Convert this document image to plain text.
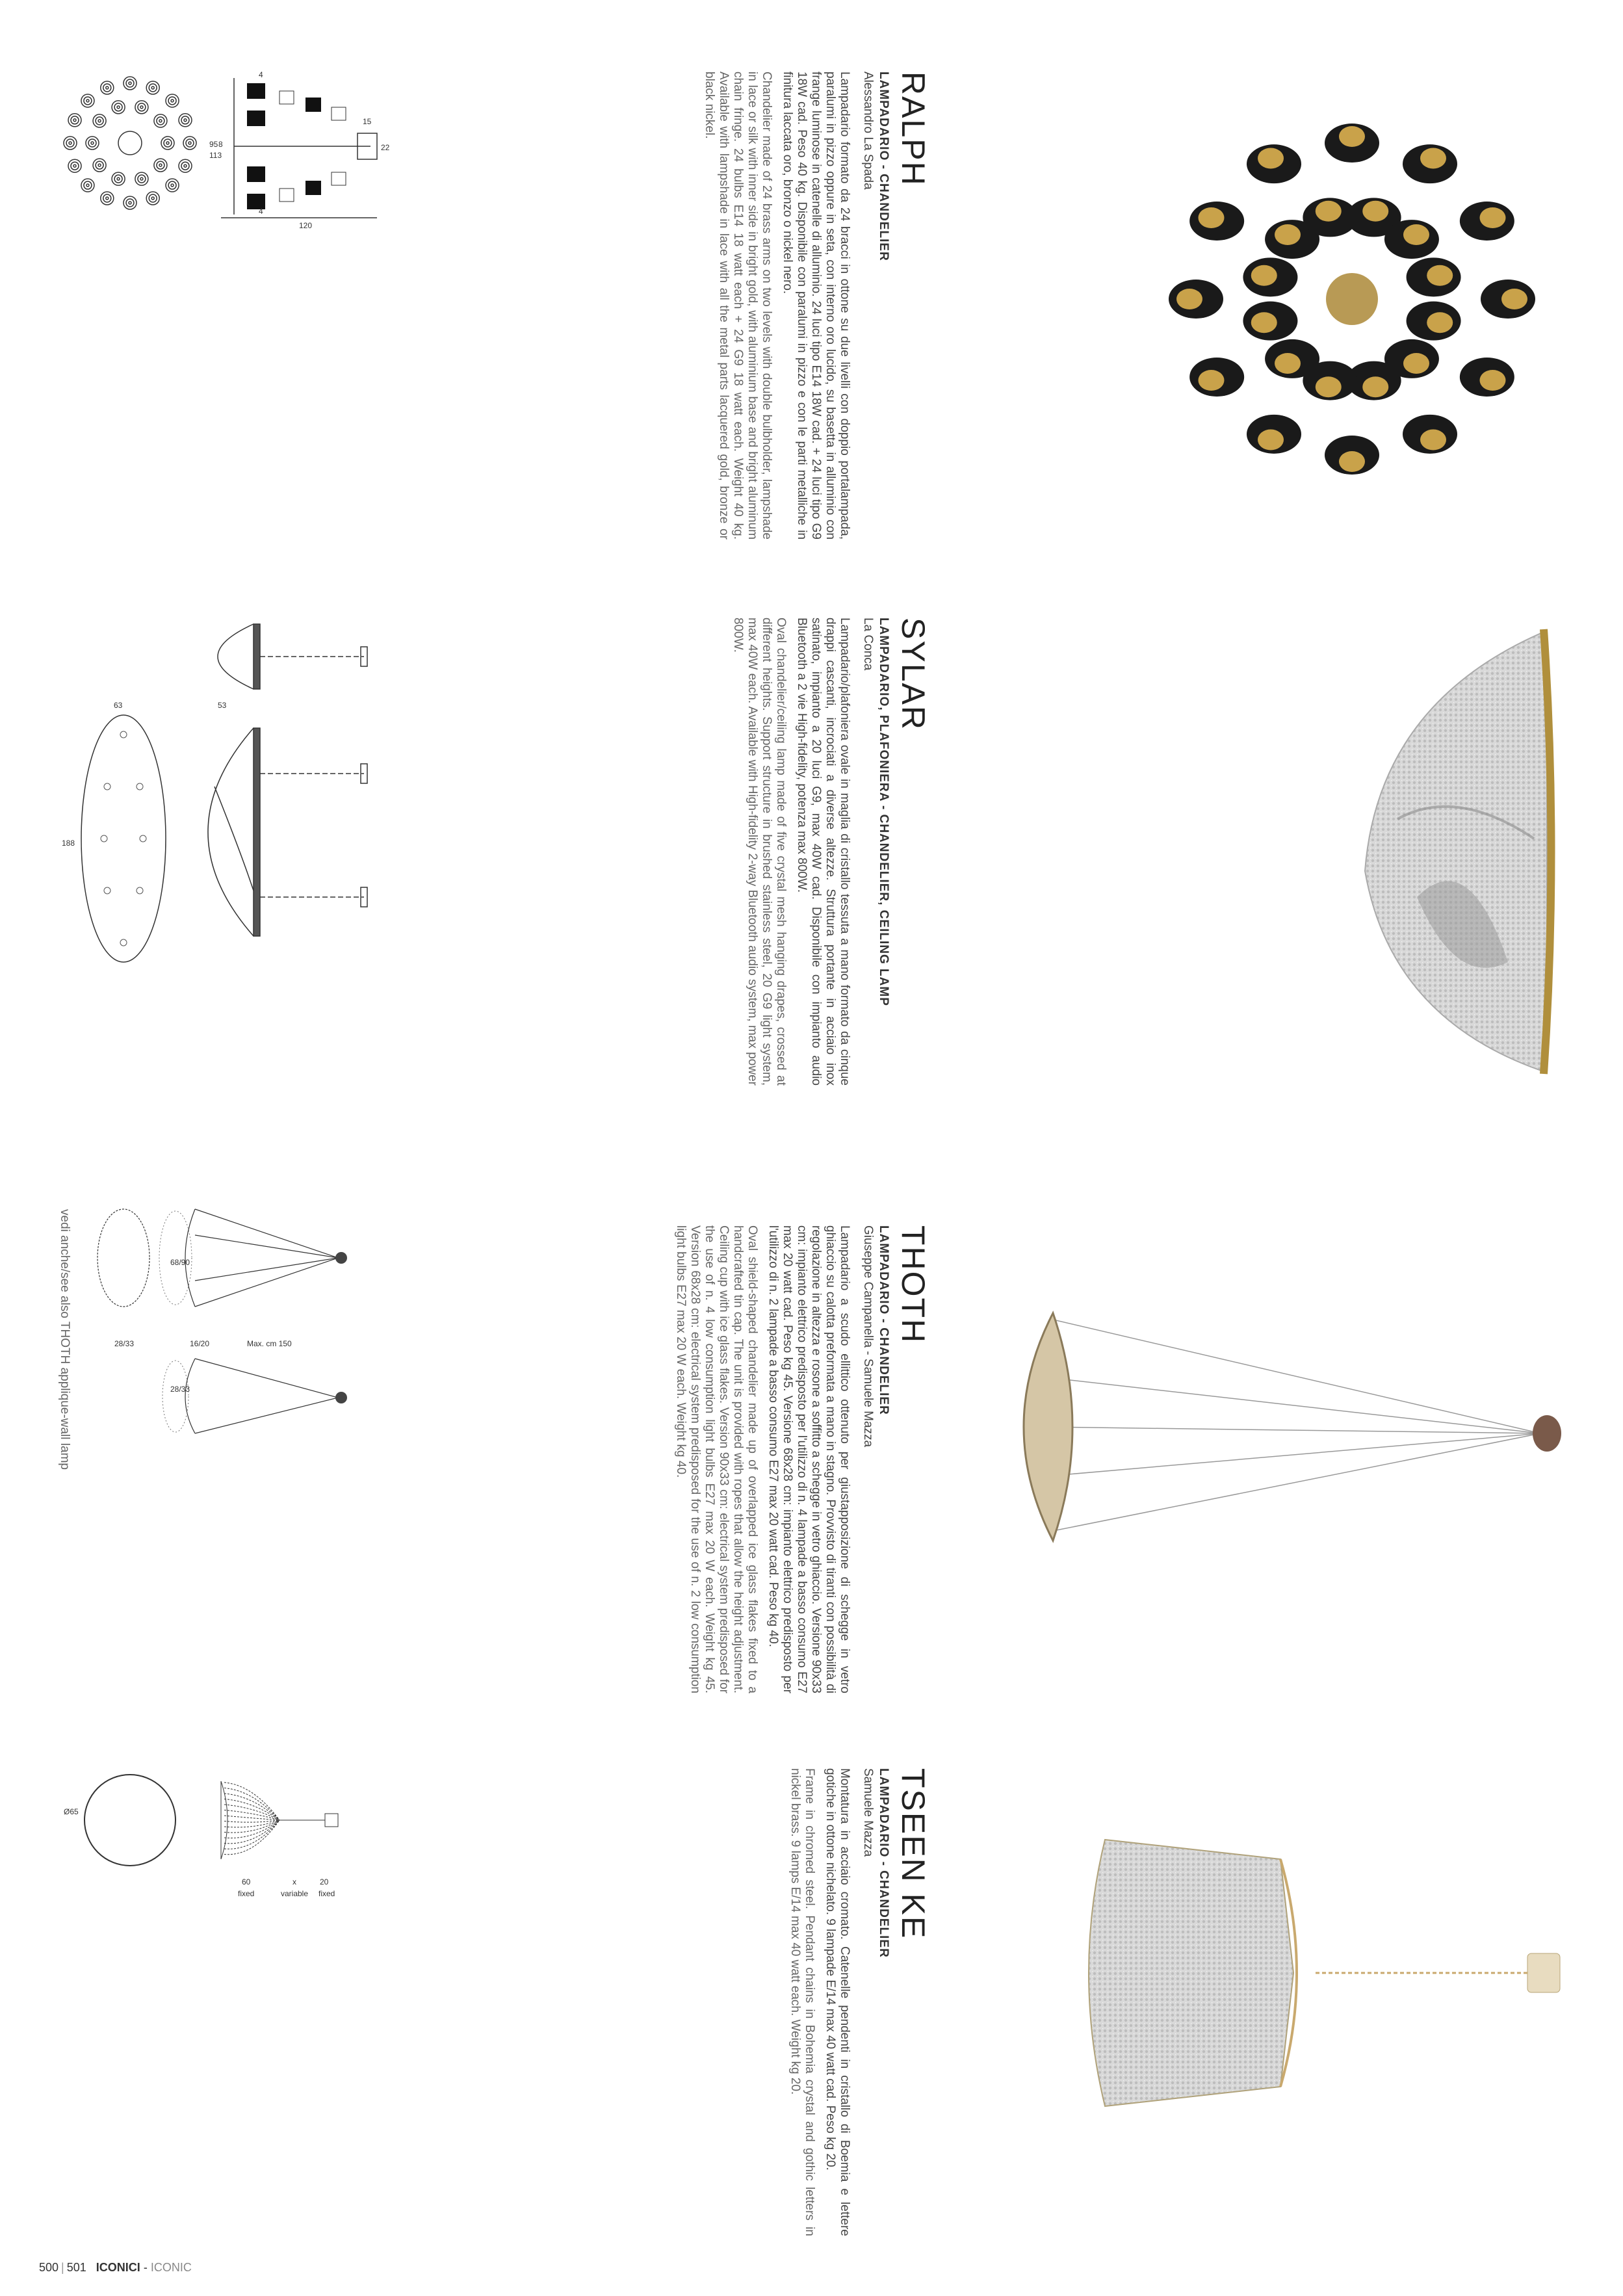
RALPH

LAMPADARIO - CHANDELIER

Alessandro La Spada

Lampadario formato da 24 bracci in ottone su due livelli con doppio portalampada, paralumi in pizzo oppure in seta, con interno oro lucido, su basetta in alluminio con frange luminose in catenelle di alluminio. 24 luci tipo E14 18W cad. + 24 luci tipo G9 18W cad. Peso 40 kg. Disponibile con paralumi in pizzo e con le parti metalliche in finitura laccata oro, bronzo o nickel nero.

Chandelier made of 24 brass arms on two levels with double bulbholder, lampshade in lace or silk with inner side in bright gold, with aluminium base and bright aluminum chain fringe. 24 bulbs E14 18 watt each + 24 G9 18 watt each. Weight 40 kg. Available with lampshade in lace with all the metal parts lacquered gold, bronze or black nickel.

SYLAR

LAMPADARIO, PLAFONIERA - CHANDELIER, CEILING LAMP

La Conca

Lampadario/plafoniera ovale in maglia di cristallo tessuta a mano formato da cinque drappi cascanti, incrociati a diverse altezze. Struttura portante in acciaio inox satinato, impianto a 20 luci G9, max 40W cad. Disponibile con impianto audio Bluetooth a 2 vie High-fidelity, potenza max 800W.

Oval chandelier/ceiling lamp made of five crystal mesh hanging drapes, crossed at different heights. Support structure in brushed stainless steel, 20 G9 light system, max 40W each. Available with High-fidelity 2-way Bluetooth audio system, max power 800W.

THOTH

LAMPADARIO - CHANDELIER

Giuseppe Campanella - Samuele Mazza

Lampadario a scudo ellittico ottenuto per giustapposizione di schegge in vetro ghiaccio su calotta preformata a mano in stagno. Provvisto di tiranti con possibilità di regolazione in altezza e rosone a soffitto a schegge in vetro ghiaccio. Versione 90x33 cm: impianto elettrico predisposto per l'utilizzo di n. 4 lampade a basso consumo E27 max 20 watt cad. Peso kg 45. Versione 68x28 cm: impianto elettrico predisposto per l'utilizzo di n. 2 lampade a basso consumo E27 max 20 watt cad. Peso kg 40.

Oval shield-shaped chandelier made up of overlapped ice glass flakes fixed to a handcrafted tin cap. The unit is provided with ropes that allow the height adjustment. Ceiling cup with ice glass flakes. Version 90x33 cm: electrical system predisposed for the use of n. 4 low consumption light bulbs E27 max 20 W each. Weight kg 45. Version 68x28 cm: electrical system predisposed for the use of n. 2 low consumption light bulbs E27 max 20 W each. Weight kg 40.

TSEEN KE

LAMPADARIO - CHANDELIER

Samuele Mazza

Montatura in acciaio cromato. Catenelle pendenti in cristallo di Boemia e lettere gotiche in ottone nichelato. 9 lampade E/14 max 40 watt cad. Peso kg 20.

Frame in chromed steel. Pendant chains in Bohemia crystal and gothic letters in nickel brass. 9 lamps E/14 max 40 watt each. Weight kg 20.

120
15
22
4
4
95 8
113
63	53
188
68/90
16/20	Max. cm 150
28/33
28/33
vedi anche/see also THOTH applique-wall lamp
Ø65
60	x	20
fixed	variable fixed
500 | 501 ICONICI - ICONIC
